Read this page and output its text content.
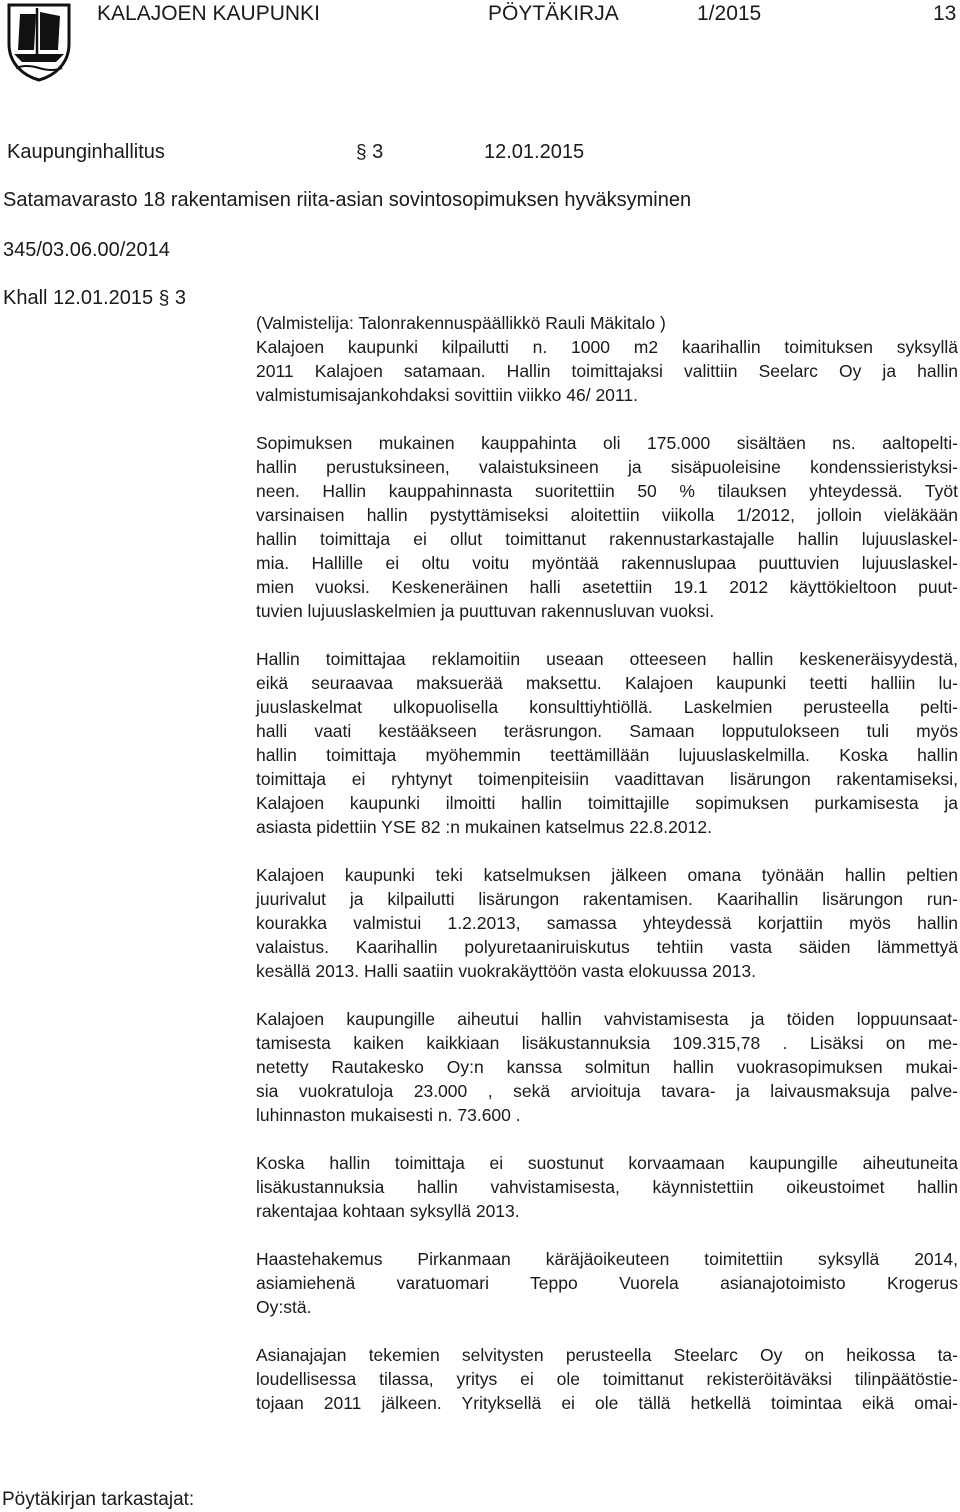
KALAJOEN KAUPUNKI	PÖYTÄKIRJA	1/2015	13
Kaupunginhallitus	§ 3	12.01.2015
Satamavarasto 18 rakentamisen riita-asian sovintosopimuksen hyväksyminen
345/03.06.00/2014
Khall 12.01.2015 § 3

(Valmistelija: Talonrakennuspäällikkö Rauli Mäkitalo )
Kalajoen kaupunki kilpailutti n. 1000 m2 kaarihallin toimituksen syksyllä
2011 Kalajoen satamaan. Hallin toimittajaksi valittiin Seelarc Oy ja hallin
valmistumisajankohdaksi sovittiin viikko 46/ 2011.

Sopimuksen mukainen kauppahinta oli 175.000 sisältäen ns. aaltopelti-
hallin perustuksineen, valaistuksineen ja sisäpuoleisine kondenssieristyksi-
neen. Hallin kauppahinnasta suoritettiin 50 % tilauksen yhteydessä. Työt
varsinaisen hallin pystyttämiseksi aloitettiin viikolla 1/2012, jolloin vieläkään
hallin toimittaja ei ollut toimittanut rakennustarkastajalle hallin lujuuslaskel-
mia. Hallille ei oltu voitu myöntää rakennuslupaa puuttuvien lujuuslaskel-
mien vuoksi. Keskeneräinen halli asetettiin 19.1 2012 käyttökieltoon puut-
tuvien lujuuslaskelmien ja puuttuvan rakennusluvan vuoksi.

Hallin toimittajaa reklamoitiin useaan otteeseen hallin keskeneräisyydestä,
eikä seuraavaa maksuerää maksettu. Kalajoen kaupunki teetti halliin lu-
juuslaskelmat ulkopuolisella konsulttiyhtiöllä. Laskelmien perusteella pelti-
halli vaati kestääkseen teräsrungon. Samaan lopputulokseen tuli myös
hallin toimittaja myöhemmin teettämillään lujuuslaskelmilla. Koska hallin
toimittaja ei ryhtynyt toimenpiteisiin vaadittavan lisärungon rakentamiseksi,
Kalajoen kaupunki ilmoitti hallin toimittajille sopimuksen purkamisesta ja
asiasta pidettiin YSE 82 :n mukainen katselmus 22.8.2012.

Kalajoen kaupunki teki katselmuksen jälkeen omana työnään hallin peltien
juurivalut ja kilpailutti lisärungon rakentamisen. Kaarihallin lisärungon run-
kourakka valmistui 1.2.2013, samassa yhteydessä korjattiin myös hallin
valaistus. Kaarihallin polyuretaaniruiskutus tehtiin vasta säiden lämmettyä
kesällä 2013. Halli saatiin vuokrakäyttöön vasta elokuussa 2013.

Kalajoen kaupungille aiheutui hallin vahvistamisesta ja töiden loppuunsaat-
tamisesta kaiken kaikkiaan lisäkustannuksia 109.315,78 . Lisäksi on me-
netetty Rautakesko Oy:n kanssa solmitun hallin vuokrasopimuksen mukai-
sia vuokratuloja 23.000 , sekä arvioituja tavara- ja laivausmaksuja palve-
luhinnaston mukaisesti n. 73.600 .

Koska hallin toimittaja ei suostunut korvaamaan kaupungille aiheutuneita
lisäkustannuksia hallin vahvistamisesta, käynnistettiin oikeustoimet hallin
rakentajaa kohtaan syksyllä 2013.

Haastehakemus Pirkanmaan käräjäoikeuteen toimitettiin syksyllä 2014,
asiamiehenä varatuomari Teppo Vuorela asianajotoimisto Krogerus
Oy:stä.

Asianajajan tekemien selvitysten perusteella Steelarc Oy on heikossa ta-
loudellisessa tilassa, yritys ei ole toimittanut rekisteröitäväksi tilinpäätöstie-
tojaan 2011 jälkeen. Yrityksellä ei ole tällä hetkellä toimintaa eikä omai-

Pöytäkirjan tarkastajat:
